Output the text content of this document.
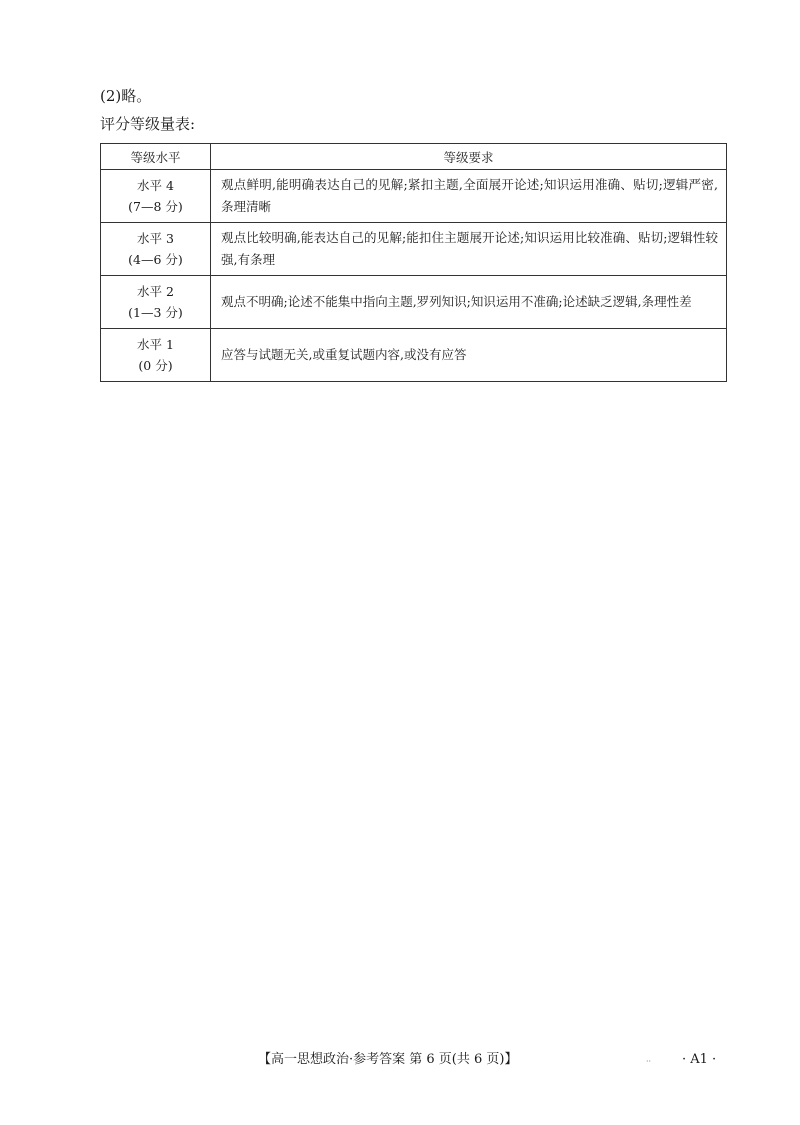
(2)略。
评分等级量表:
等级水平	等级要求

水平 4
(7—8 分)	观点鲜明,能明确表达自己的见解;紧扣主题,全面展开论述;知识运用准确、贴切;逻辑严密,条理清晰

水平 3
(4—6 分)	观点比较明确,能表达自己的见解;能扣住主题展开论述;知识运用比较准确、贴切;逻辑性较强,有条理

水平 2
(1—3 分)	观点不明确;论述不能集中指向主题,罗列知识;知识运用不准确;论述缺乏逻辑,条理性差

水平 1
(0 分)	应答与试题无关,或重复试题内容,或没有应答
【高一思想政治·参考答案 第 6 页(共 6 页)】	·· · A1 ·
